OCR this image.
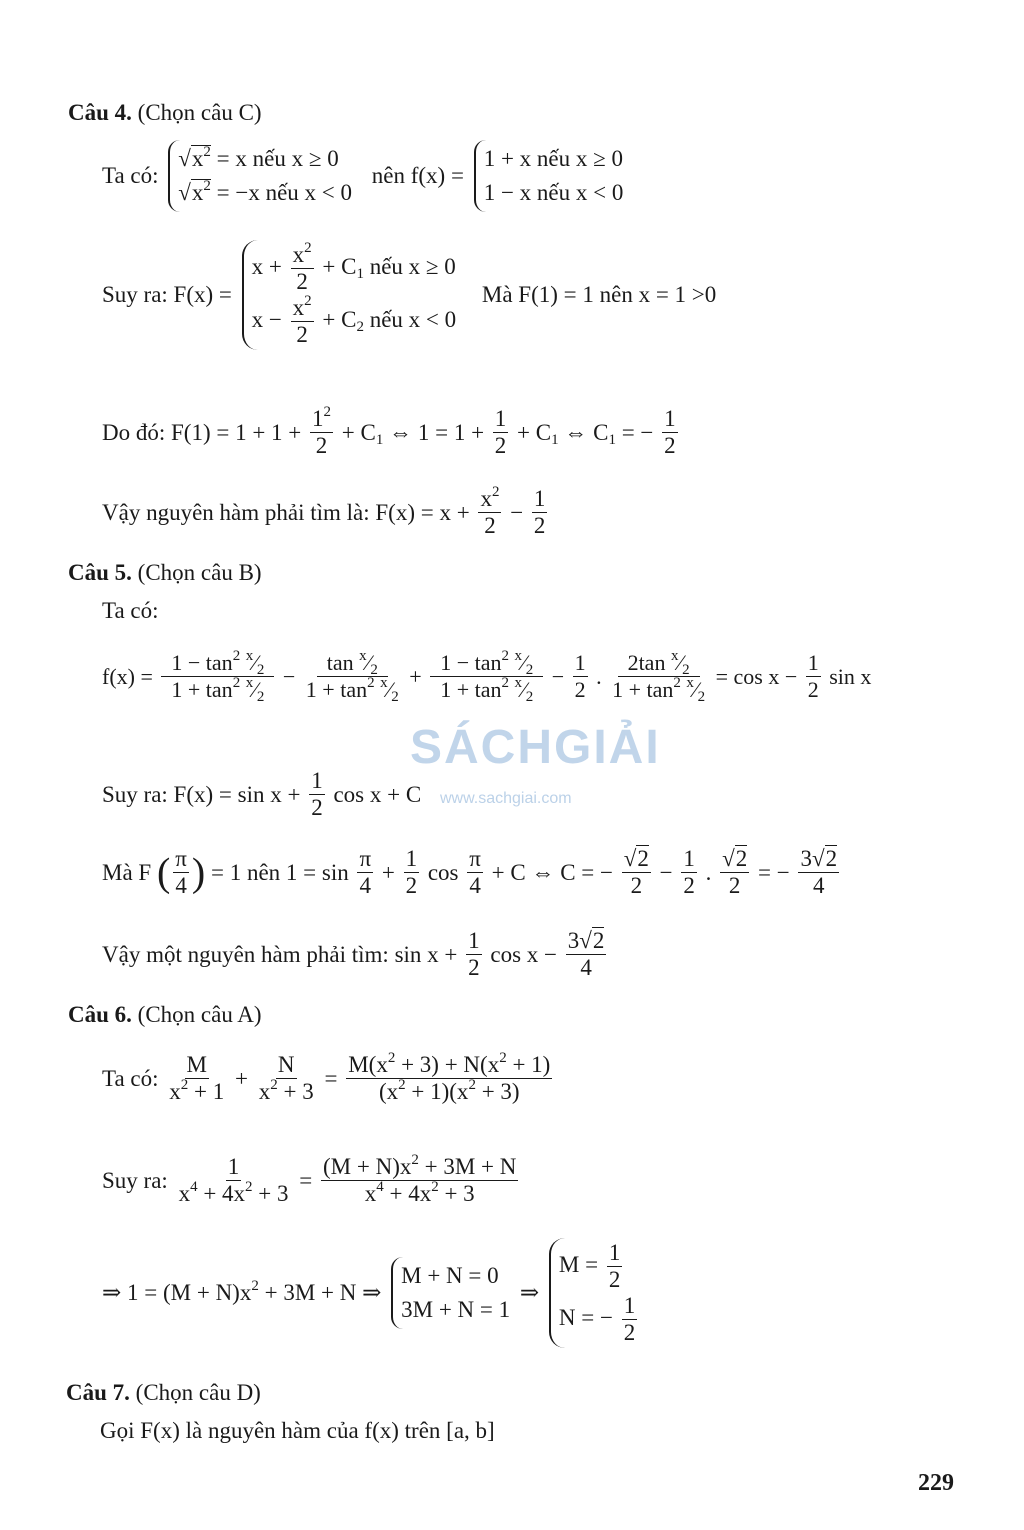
Câu 4. (Chọn câu C)
Ta có:
$√x^2 = x$ nếu x ≥ 0
$√x^2 = -x$ nếu x < 0
nên f(x) =
1 + x nếu x ≥ 0
1 − x nếu x < 0
Suy ra: F(x) =
$x + \frac{x^2}{2} + C_1$ nếu x ≥ 0
$x - \frac{x^2}{2} + C_2$ nếu x < 0
Mà F(1) = 1 nên x = 1 >0
Do đó: $F(1) = 1 + 1 + \frac{1^2}{2} + C_1$ ⇔ $1 = 1 + \frac{1}{2} + C_1$ ⇔ $C_1$ = − $\frac{1}{2}$
Vậy nguyên hàm phải tìm là: $F(x) = x + \frac{x^2}{2} - \frac{1}{2}$
Câu 5. (Chọn câu B)
Ta có:
$f(x) = \frac{1 - \tan^2 ^x⁄_2}{1 + \tan^2 ^x⁄_2} - \frac{\tan ^x⁄_2}{1 + \tan^2 ^x⁄_2} + \frac{1 - \tan^2 ^x⁄_2}{1 + \tan^2 ^x⁄_2} - \frac{1}{2}$ . $\frac{2\tan ^x⁄_2}{1 + \tan^2 ^x⁄_2} = \cos x - \frac{1}{2}$ sin x
Suy ra: $F(x) = \sin x + \frac{1}{2}$ cos x + C
Mà F ( $\frac{\pi}{4}$ ) = 1 nên $1 = \sin \frac{\pi}{4} + \frac{1}{2}$ $\cos \frac{\pi}{4} + C$ ⇔ C = − $\frac{√2}{2} - \frac{1}{2}$ . $\frac{√2}{2}$ = − $\frac{3√2}{4}$
Vậy một nguyên hàm phải tìm: $\sin x + \frac{1}{2}$ $\cos x - \frac{3√2}{4}$
Câu 6. (Chọn câu A)
Ta có: $\frac{M}{x^2 + 1} + \frac{N}{x^2 + 3} = \frac{M(x^2 + 3) + N(x^2 + 1)}{(x^2 + 1)(x^2 + 3)}$
Suy ra: $\frac{1}{x^4 + 4x^2 + 3} = \frac{(M + N)x^2 + 3M + N}{x^4 + 4x^2 + 3}$
⇒ $1 = (M + N)x^2 + 3M + N$ ⇒
M + N = 0
3M + N = 1
⇒
$M = \frac{1}{2}$
N = − $\frac{1}{2}$
Câu 7. (Chọn câu D)
Gọi F(x) là nguyên hàm của f(x) trên [a, b]
SÁCHGIẢI
www.sachgiai.com
229
